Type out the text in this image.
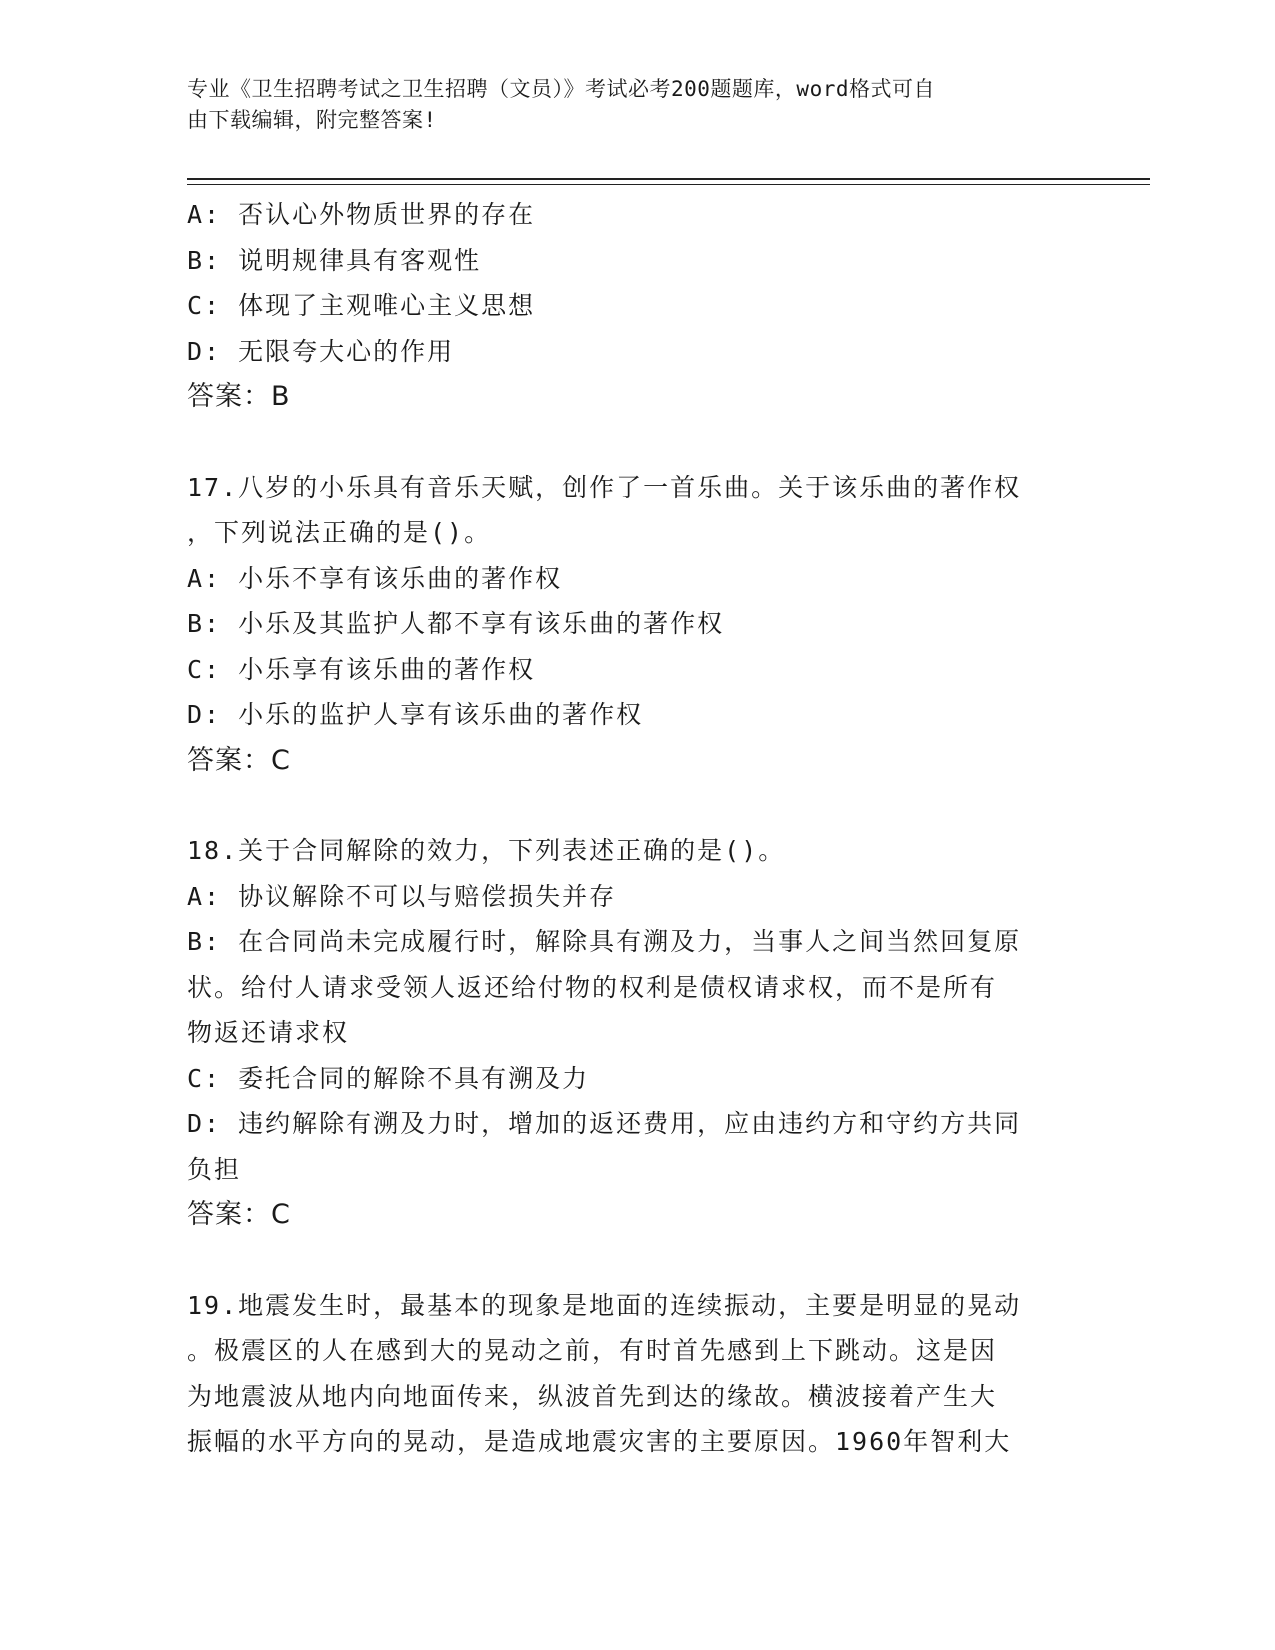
专业《卫生招聘考试之卫生招聘（文员）》考试必考200题题库，word格式可自
由下载编辑，附完整答案!
A: 否认心外物质世界的存在
B: 说明规律具有客观性
C: 体现了主观唯心主义思想
D: 无限夸大心的作用
答案：B
17.八岁的小乐具有音乐天赋，创作了一首乐曲。关于该乐曲的著作权
，下列说法正确的是()。
A: 小乐不享有该乐曲的著作权
B: 小乐及其监护人都不享有该乐曲的著作权
C: 小乐享有该乐曲的著作权
D: 小乐的监护人享有该乐曲的著作权
答案：C
18.关于合同解除的效力，下列表述正确的是()。
A: 协议解除不可以与赔偿损失并存
B: 在合同尚未完成履行时，解除具有溯及力，当事人之间当然回复原
状。给付人请求受领人返还给付物的权利是债权请求权，而不是所有
物返还请求权
C: 委托合同的解除不具有溯及力
D: 违约解除有溯及力时，增加的返还费用，应由违约方和守约方共同
负担
答案：C
19.地震发生时，最基本的现象是地面的连续振动，主要是明显的晃动
。极震区的人在感到大的晃动之前，有时首先感到上下跳动。这是因
为地震波从地内向地面传来，纵波首先到达的缘故。横波接着产生大
振幅的水平方向的晃动，是造成地震灾害的主要原因。1960年智利大
